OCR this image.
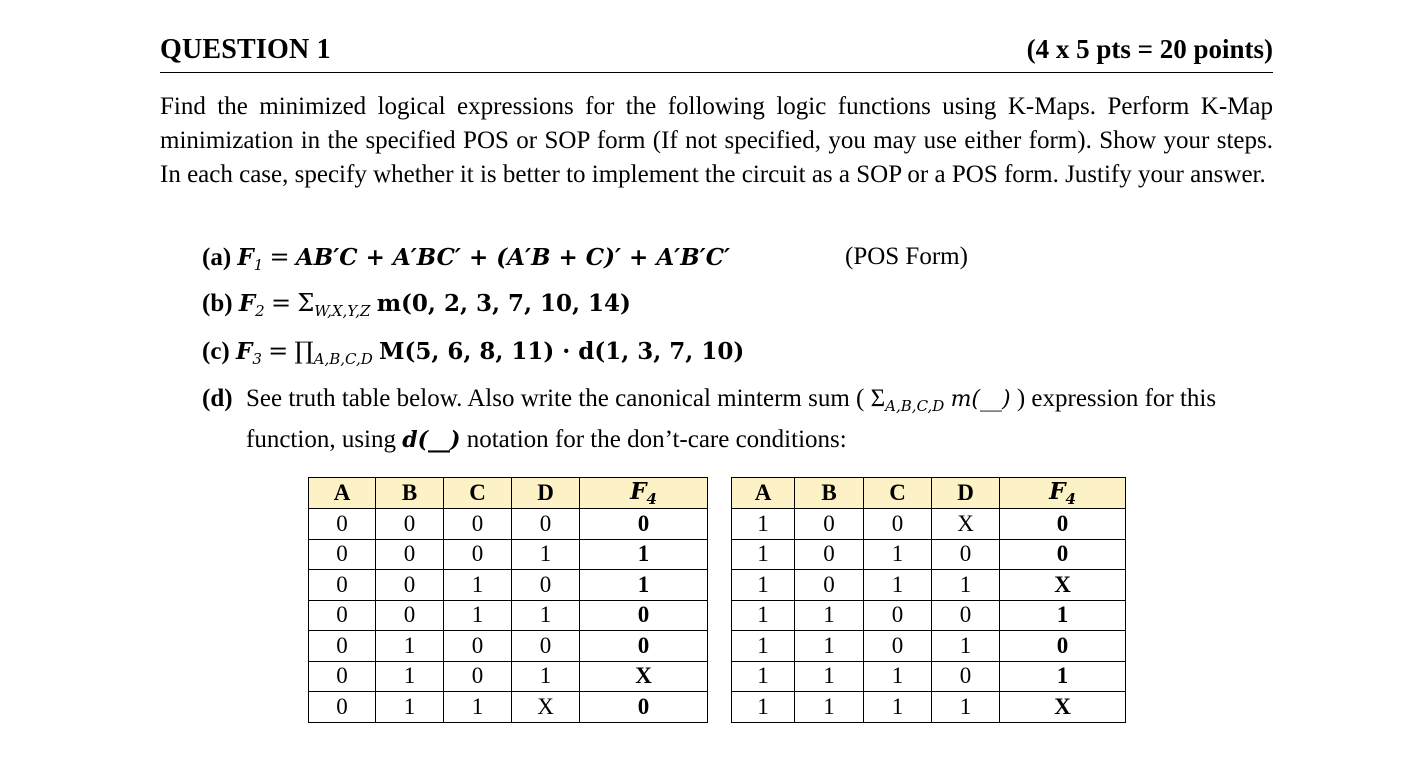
QUESTION 1	(4 x 5 pts = 20 points)
Find the minimized logical expressions for the following logic functions using K-Maps. Perform K-Map minimization in the specified POS or SOP form (If not specified, you may use either form). Show your steps. In each case, specify whether it is better to implement the circuit as a SOP or a POS form. Justify your answer.
(a) $F_1 = AB'C + A'BC' + (A'B + C)' + A'B'C'$	(POS Form)
(b) $F_2 = \Sigma_{W,X,Y,Z}$ m(0, 2, 3, 7, 10, 14)
(c) $F_3$ = $\prod_{A,B,C,D}$ M(5, 6, 8, 11) · d(1, 3, 7, 10)
(d) See truth table below. Also write the canonical minterm sum ( $\Sigma_{A,B,C,D}$ m(__) ) expression for this function, using d(__) notation for the don’t-care conditions:
A	B	C	D	$F_4$
0	0	0	0	0
0	0	0	1	1
0	0	1	0	1
0	0	1	1	0
0	1	0	0	0
0	1	0	1	X
0	1	1	X	0
A	B	C	D	$F_4$
1	0	0	X	0
1	0	1	0	0
1	0	1	1	X
1	1	0	0	1
1	1	0	1	0
1	1	1	0	1
1	1	1	1	X
